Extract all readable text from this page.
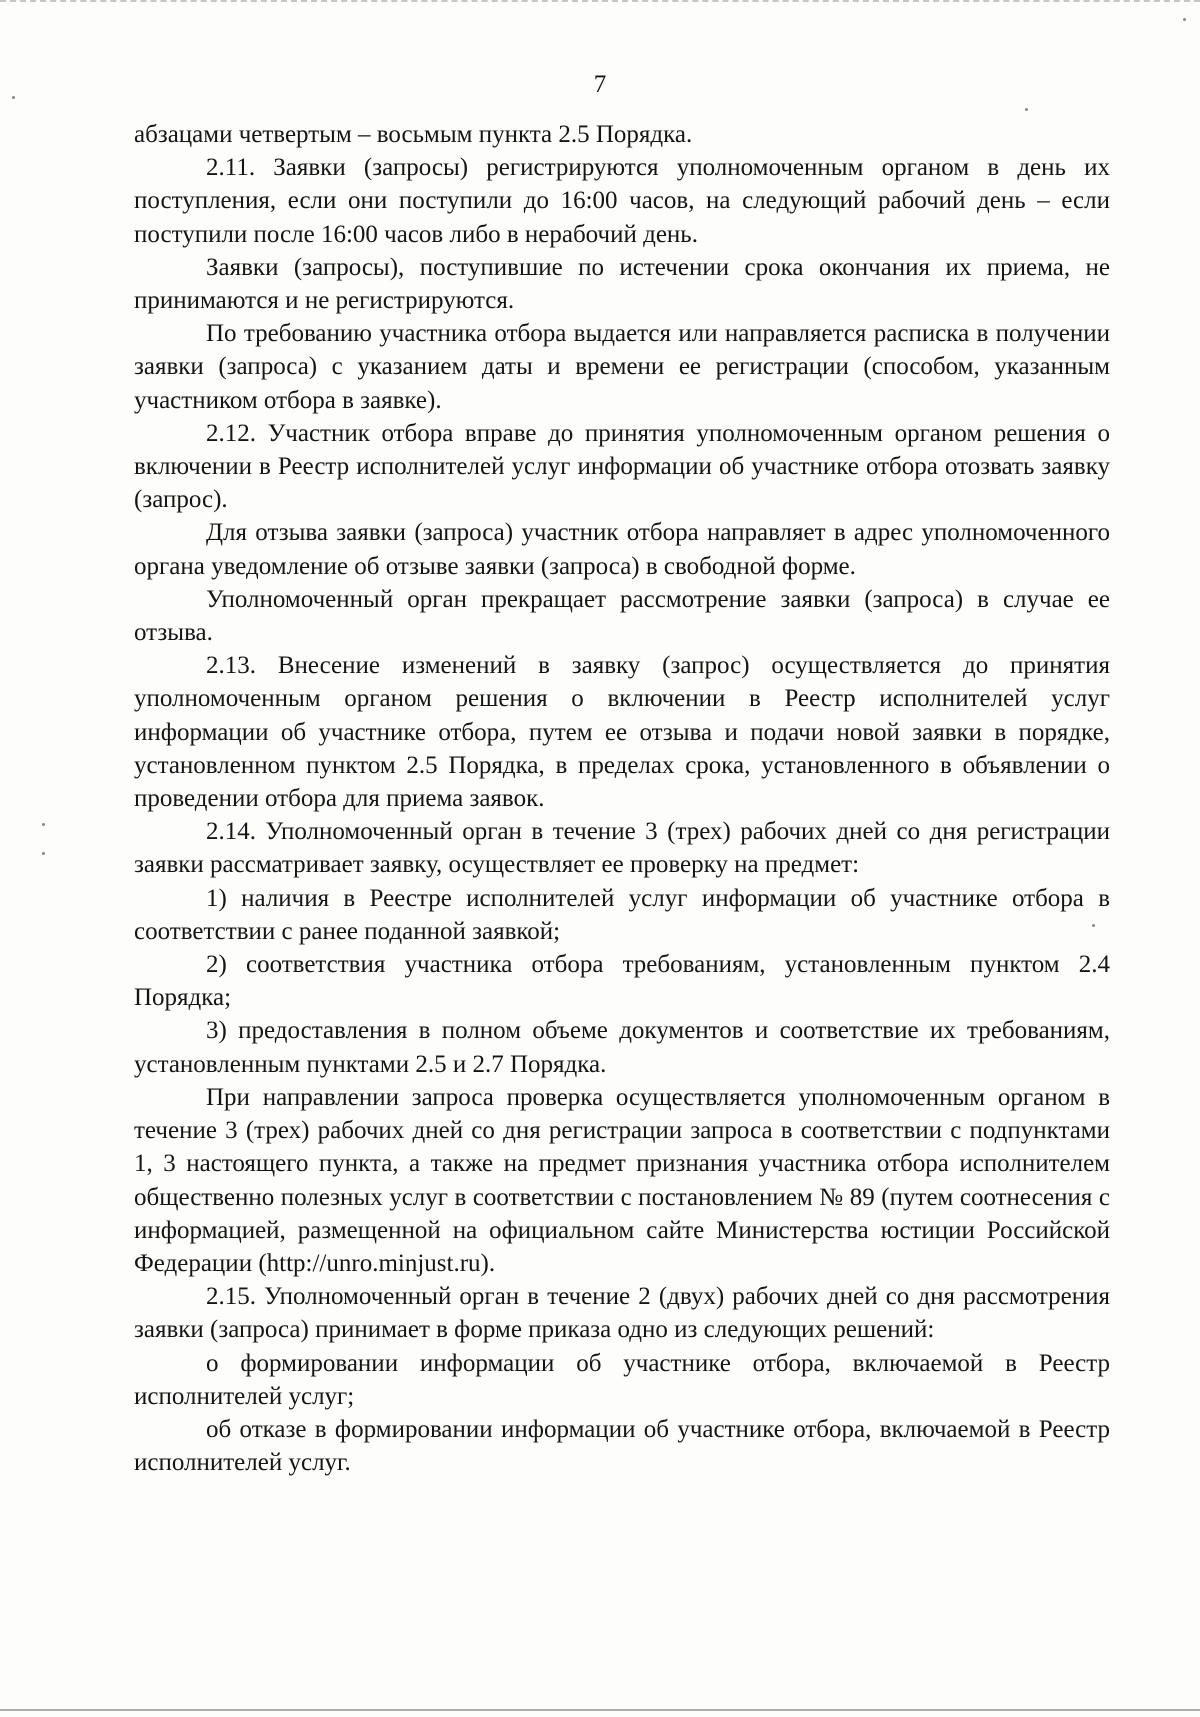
7

абзацами четвертым – восьмым пункта 2.5 Порядка.

2.11. Заявки (запросы) регистрируются уполномоченным органом в день их поступления, если они поступили до 16:00 часов, на следующий рабочий день – если поступили после 16:00 часов либо в нерабочий день.

Заявки (запросы), поступившие по истечении срока окончания их приема, не принимаются и не регистрируются.

По требованию участника отбора выдается или направляется расписка в получении заявки (запроса) с указанием даты и времени ее регистрации (способом, указанным участником отбора в заявке).

2.12. Участник отбора вправе до принятия уполномоченным органом решения о включении в Реестр исполнителей услуг информации об участнике отбора отозвать заявку (запрос).

Для отзыва заявки (запроса) участник отбора направляет в адрес уполномоченного органа уведомление об отзыве заявки (запроса) в свободной форме.

Уполномоченный орган прекращает рассмотрение заявки (запроса) в случае ее отзыва.

2.13. Внесение изменений в заявку (запрос) осуществляется до принятия уполномоченным органом решения о включении в Реестр исполнителей услуг информации об участнике отбора, путем ее отзыва и подачи новой заявки в порядке, установленном пунктом 2.5 Порядка, в пределах срока, установленного в объявлении о проведении отбора для приема заявок.

2.14. Уполномоченный орган в течение 3 (трех) рабочих дней со дня регистрации заявки рассматривает заявку, осуществляет ее проверку на предмет:

1) наличия в Реестре исполнителей услуг информации об участнике отбора в соответствии с ранее поданной заявкой;

2) соответствия участника отбора требованиям, установленным пунктом 2.4 Порядка;

3) предоставления в полном объеме документов и соответствие их требованиям, установленным пунктами 2.5 и 2.7 Порядка.

При направлении запроса проверка осуществляется уполномоченным органом в течение 3 (трех) рабочих дней со дня регистрации запроса в соответствии с подпунктами 1, 3 настоящего пункта, а также на предмет признания участника отбора исполнителем общественно полезных услуг в соответствии с постановлением № 89 (путем соотнесения с информацией, размещенной на официальном сайте Министерства юстиции Российской Федерации (http://unro.minjust.ru).

2.15. Уполномоченный орган в течение 2 (двух) рабочих дней со дня рассмотрения заявки (запроса) принимает в форме приказа одно из следующих решений:

о формировании информации об участнике отбора, включаемой в Реестр исполнителей услуг;

об отказе в формировании информации об участнике отбора, включаемой в Реестр исполнителей услуг.
